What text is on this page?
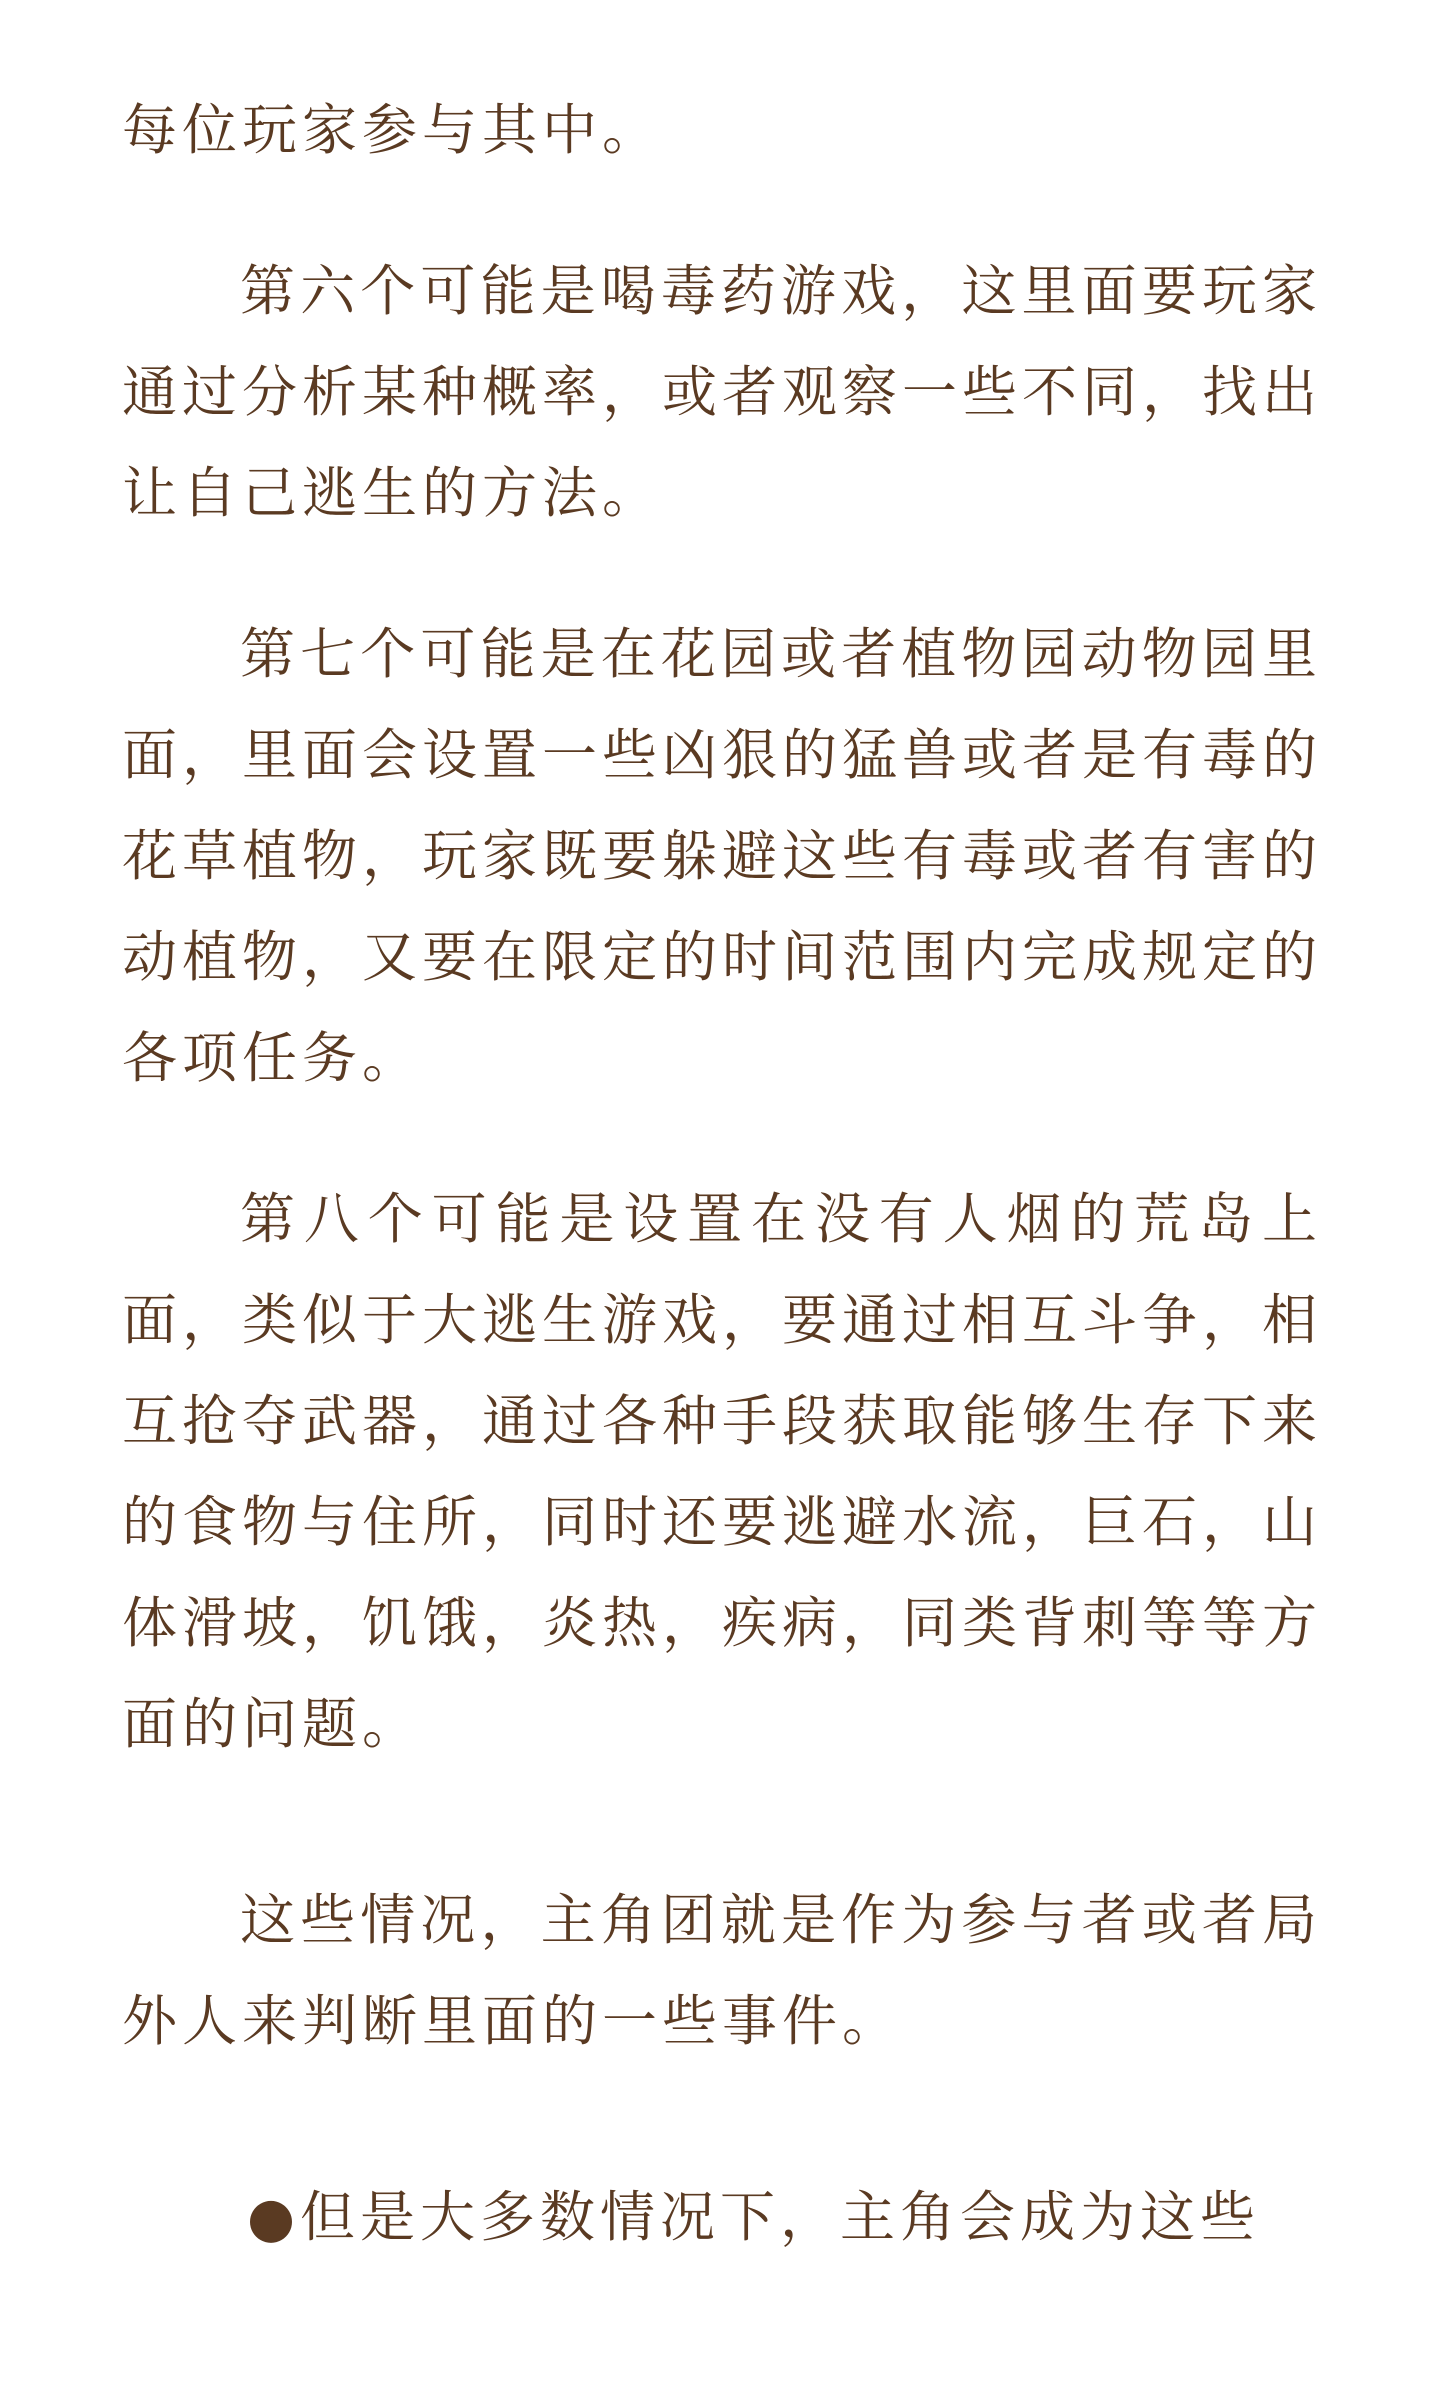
每位玩家参与其中。

第六个可能是喝毒药游戏，这里面要玩家通过分析某种概率，或者观察一些不同，找出让自己逃生的方法。

第七个可能是在花园或者植物园动物园里面，里面会设置一些凶狠的猛兽或者是有毒的花草植物，玩家既要躲避这些有毒或者有害的动植物，又要在限定的时间范围内完成规定的各项任务。

第八个可能是设置在没有人烟的荒岛上面，类似于大逃生游戏，要通过相互斗争，相互抢夺武器，通过各种手段获取能够生存下来的食物与住所，同时还要逃避水流，巨石，山体滑坡，饥饿，炎热，疾病，同类背刺等等方面的问题。

这些情况，主角团就是作为参与者或者局外人来判断里面的一些事件。

●但是大多数情况下，主角会成为这些
